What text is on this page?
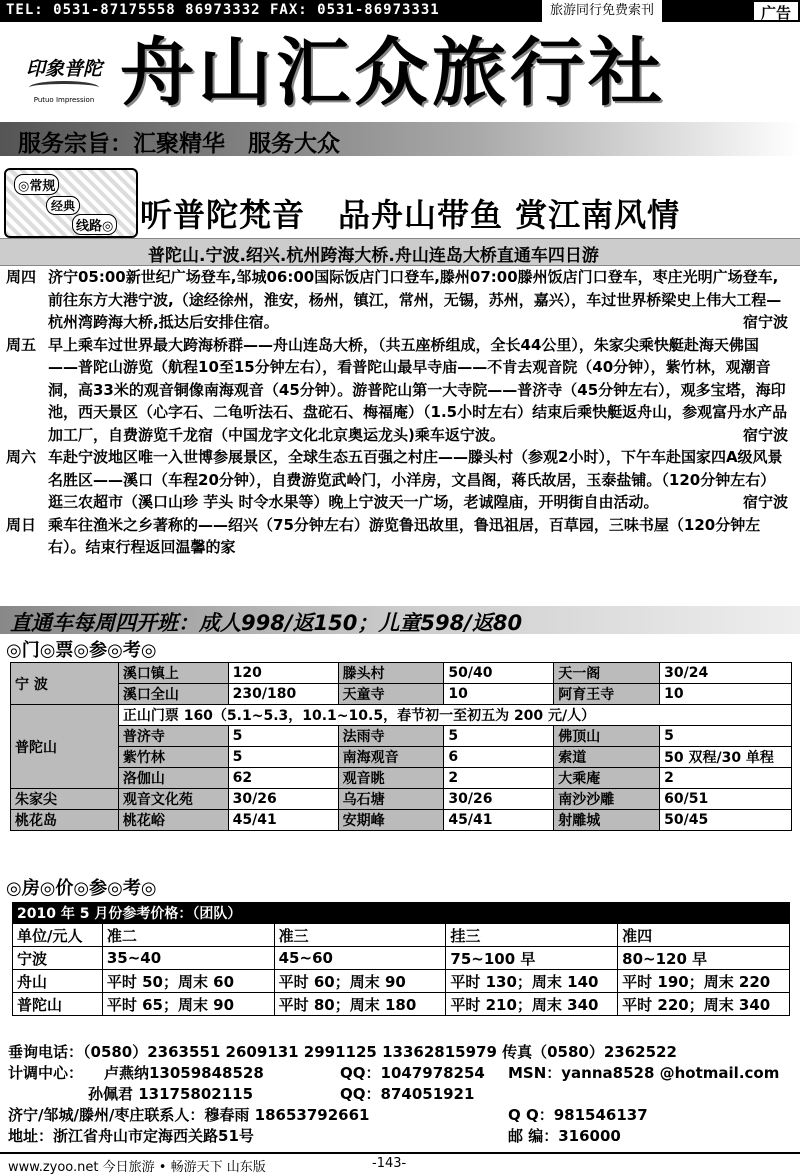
TEL: 0531-87175558 86973332 FAX: 0531-86973331	旅游同行免费索刊	广告
印象普陀
Putuo Impression 舟山汇众旅行社
服务宗旨：汇聚精华　服务大众
◎常规
经典
线路◎ 听普陀梵音　品舟山带鱼 赏江南风情
普陀山.宁波.绍兴.杭州跨海大桥.舟山连岛大桥直通车四日游
周四 济宁05:00新世纪广场登车,邹城06:00国际饭店门口登车,滕州07:00滕州饭店门口登车，枣庄光明广场登车,前往东方大港宁波,（途经徐州，淮安，杨州，镇江，常州，无锡，苏州，嘉兴），车过世界桥梁史上伟大工程—杭州湾跨海大桥,抵达后安排住宿。	宿宁波
周五 早上乘车过世界最大跨海桥群——舟山连岛大桥，（共五座桥组成，全长44公里），朱家尖乘快艇赴海天佛国——普陀山游览（航程10至15分钟左右），看普陀山最早寺庙——不肯去观音院（40分钟），紫竹林，观潮音洞，高33米的观音铜像南海观音（45分钟）。游普陀山第一大寺院——普济寺（45分钟左右），观多宝塔，海印池，西天景区（心字石、二龟听法石、盘砣石、梅福庵）（1.5小时左右）结束后乘快艇返舟山，参观富丹水产品加工厂，自费游览千龙宿（中国龙字文化北京奥运龙头)乘车返宁波。	宿宁波
周六 车赴宁波地区唯一入世博参展景区，全球生态五百强之村庄——滕头村（参观2小时），下午车赴国家四A级风景名胜区——溪口（车程20分钟），自费游览武岭门，小洋房，文昌阁，蒋氏故居，玉泰盐铺。（120分钟左右）逛三农超市（溪口山珍 芋头 时令水果等）晚上宁波天一广场，老诚隍庙，开明街自由活动。	宿宁波
周日 乘车往渔米之乡著称的——绍兴（75分钟左右）游览鲁迅故里，鲁迅祖居，百草园，三味书屋（120分钟左右）。结束行程返回温馨的家
直通车每周四开班：成人998/返150；儿童598/返80
◎门◎票◎参◎考◎
宁 波	溪口镇上	120	滕头村	50/40	天一阁	30/24
	溪口全山	230/180	天童寺	10	阿育王寺	10
普陀山	正山门票 160（5.1~5.3，10.1~10.5，春节初一至初五为 200 元/人）					
	普济寺	5	法雨寺	5	佛顶山	5
	紫竹林	5	南海观音	6	索道	50 双程/30 单程
	洛伽山	62	观音眺	2	大乘庵	2
朱家尖	观音文化苑	30/26	乌石塘	30/26	南沙沙雕	60/51
桃花岛	桃花峪	45/41	安期峰	45/41	射雕城	50/45
◎房◎价◎参◎考◎
2010 年 5 月份参考价格：（团队）				
单位/元人	准二	准三	挂三	准四
宁波	35~40	45~60	75~100 早	80~120 早
舟山	平时 50；周末 60	平时 60；周末 90	平时 130；周末 140	平时 190；周末 220
普陀山	平时 65；周末 90	平时 80；周末 180	平时 210；周末 340	平时 220；周末 340
垂询电话：（0580）2363551 2609131 2991125 13362815979 传真（0580）2362522
计调中心： 卢燕纳13059848528	QQ：1047978254 MSN：yanna8528 @hotmail.com
孙佩君 13175802115	QQ：874051921
济宁/邹城/滕州/枣庄联系人：穆春雨 18653792661	Q Q：981546137
地址：浙江省舟山市定海西关路51号	邮 编：316000
www.zyoo.net 今日旅游 • 畅游天下 山东版	-143-
